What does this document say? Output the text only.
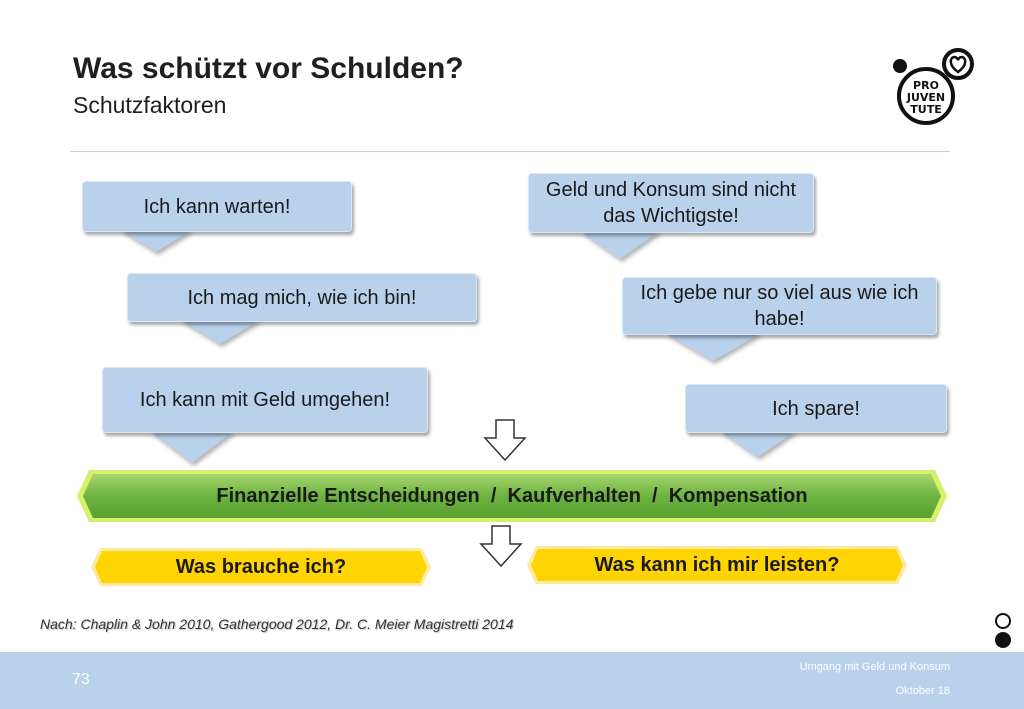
Was schützt vor Schulden?
Schutzfaktoren
PRO
JUVEN
TUTE
Ich kann warten!
Ich mag mich, wie ich bin!
Ich kann mit Geld umgehen!
Geld und Konsum sind nicht das Wichtigste!
Ich gebe nur so viel aus wie ich habe!
Ich spare!
Finanzielle Entscheidungen  /  Kaufverhalten  /  Kompensation
Was brauche ich?	Was kann ich mir leisten?
Nach: Chaplin & John 2010, Gathergood 2012, Dr. C. Meier Magistretti 2014
73
Umgang mit Geld und Konsum
Oktober 18
